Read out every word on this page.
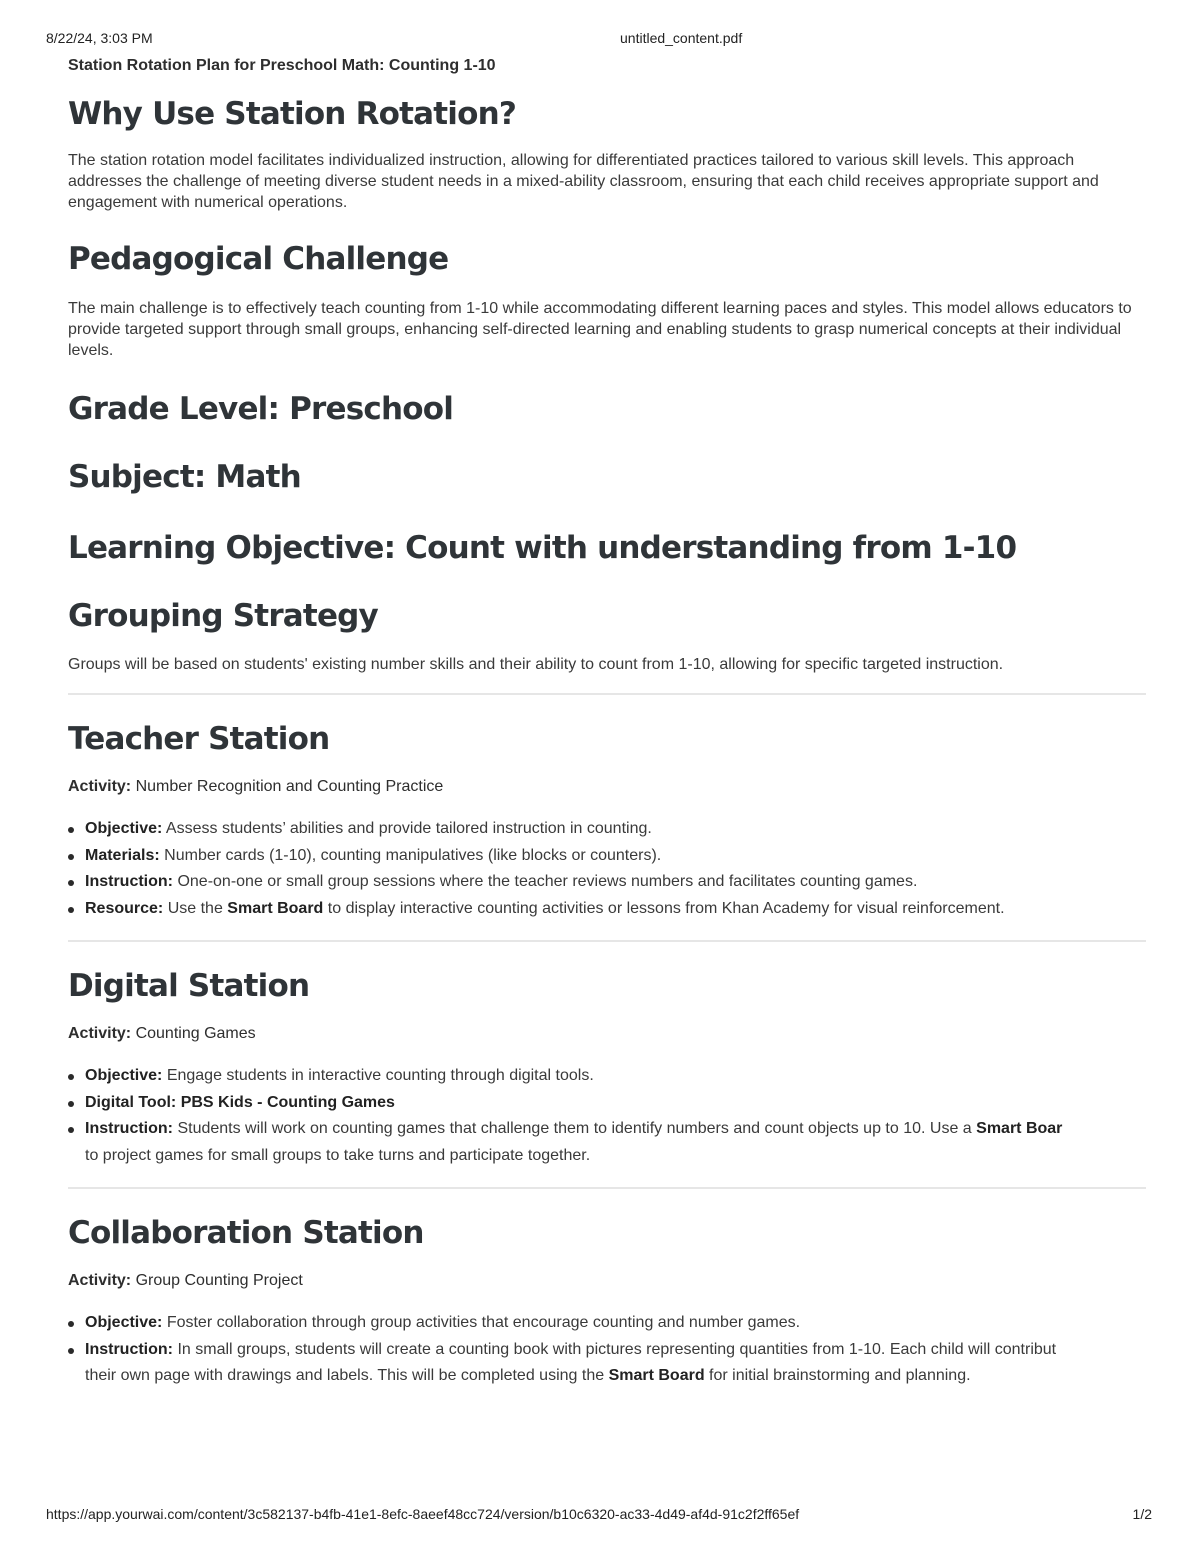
8/22/24, 3:03 PM	untitled_content.pdf
Station Rotation Plan for Preschool Math: Counting 1-10
Why Use Station Rotation?

The station rotation model facilitates individualized instruction, allowing for differentiated practices tailored to various skill levels. This approach addresses the challenge of meeting diverse student needs in a mixed-ability classroom, ensuring that each child receives appropriate support and engagement with numerical operations.

Pedagogical Challenge

The main challenge is to effectively teach counting from 1-10 while accommodating different learning paces and styles. This model allows educators to provide targeted support through small groups, enhancing self-directed learning and enabling students to grasp numerical concepts at their individual levels.

Grade Level: Preschool
Subject: Math
Learning Objective: Count with understanding from 1-10
Grouping Strategy

Groups will be based on students' existing number skills and their ability to count from 1-10, allowing for specific targeted instruction.

Teacher Station
Activity: Number Recognition and Counting Practice
Objective: Assess students’ abilities and provide tailored instruction in counting.
Materials: Number cards (1-10), counting manipulatives (like blocks or counters).
Instruction: One-on-one or small group sessions where the teacher reviews numbers and facilitates counting games.
Resource: Use the Smart Board to display interactive counting activities or lessons from Khan Academy for visual reinforcement.
Digital Station
Activity: Counting Games
Objective: Engage students in interactive counting through digital tools.
Digital Tool: PBS Kids - Counting Games
Instruction: Students will work on counting games that challenge them to identify numbers and count objects up to 10. Use a Smart Boar
to project games for small groups to take turns and participate together.
Collaboration Station
Activity: Group Counting Project
Objective: Foster collaboration through group activities that encourage counting and number games.
Instruction: In small groups, students will create a counting book with pictures representing quantities from 1-10. Each child will contribut
their own page with drawings and labels. This will be completed using the Smart Board for initial brainstorming and planning.
https://app.yourwai.com/content/3c582137-b4fb-41e1-8efc-8aeef48cc724/version/b10c6320-ac33-4d49-af4d-91c2f2ff65ef	1/2
